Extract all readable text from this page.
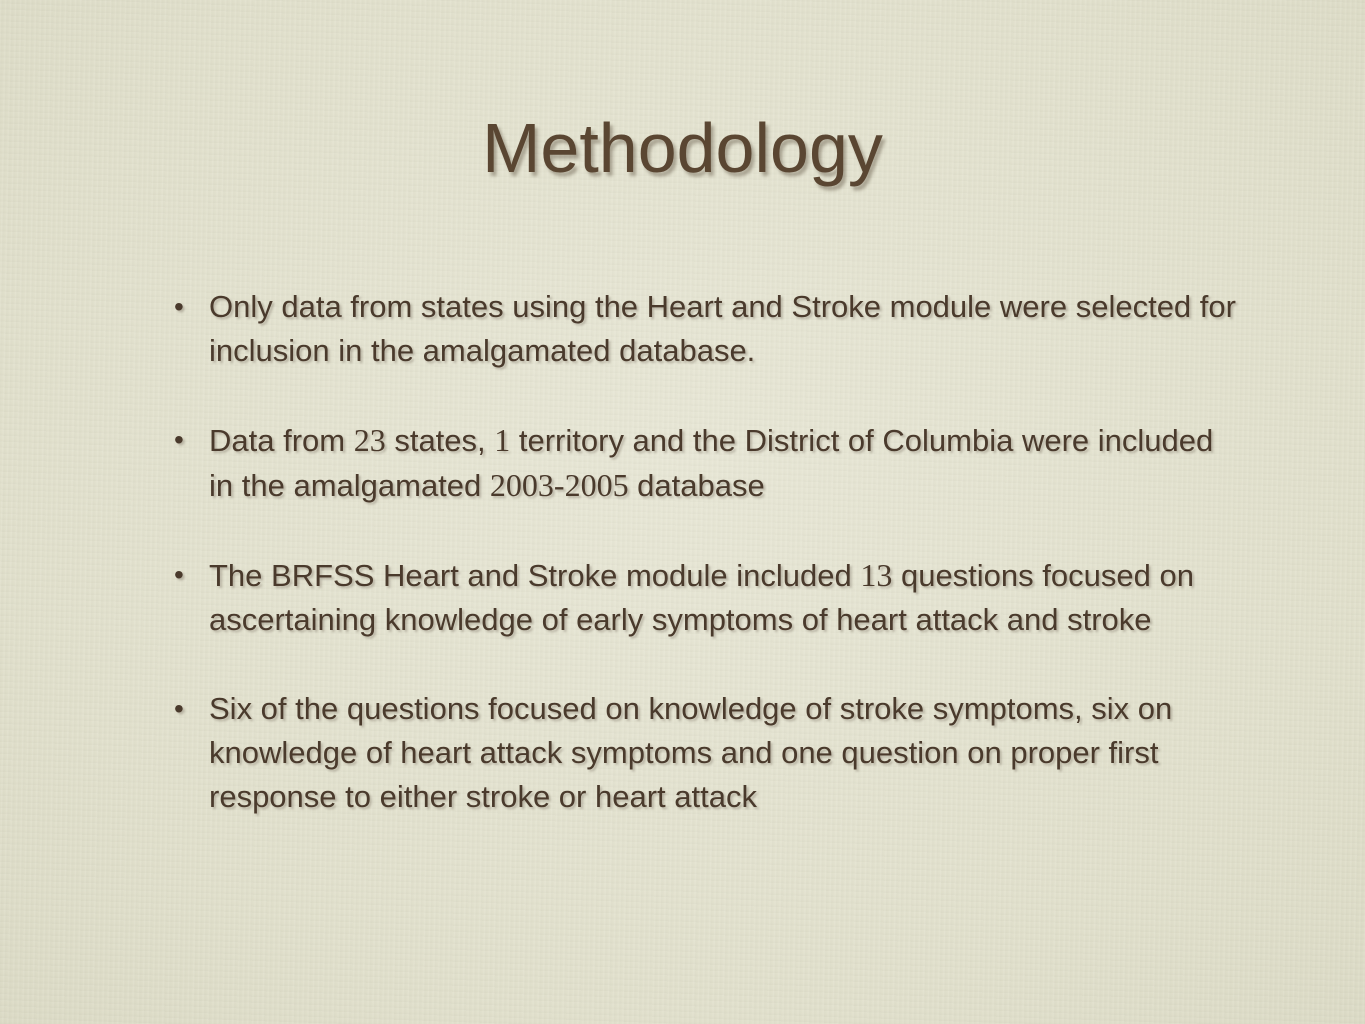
Methodology
• Only data from states using the Heart and Stroke module were selected for inclusion in the amalgamated database.
• Data from 23 states, 1 territory and the District of Columbia were included in the amalgamated 2003-2005 database
• The BRFSS Heart and Stroke module included 13 questions focused on ascertaining knowledge of early symptoms of heart attack and stroke
• Six of the questions focused on knowledge of stroke symptoms, six on knowledge of heart attack symptoms and one question on proper first response to either stroke or heart attack
